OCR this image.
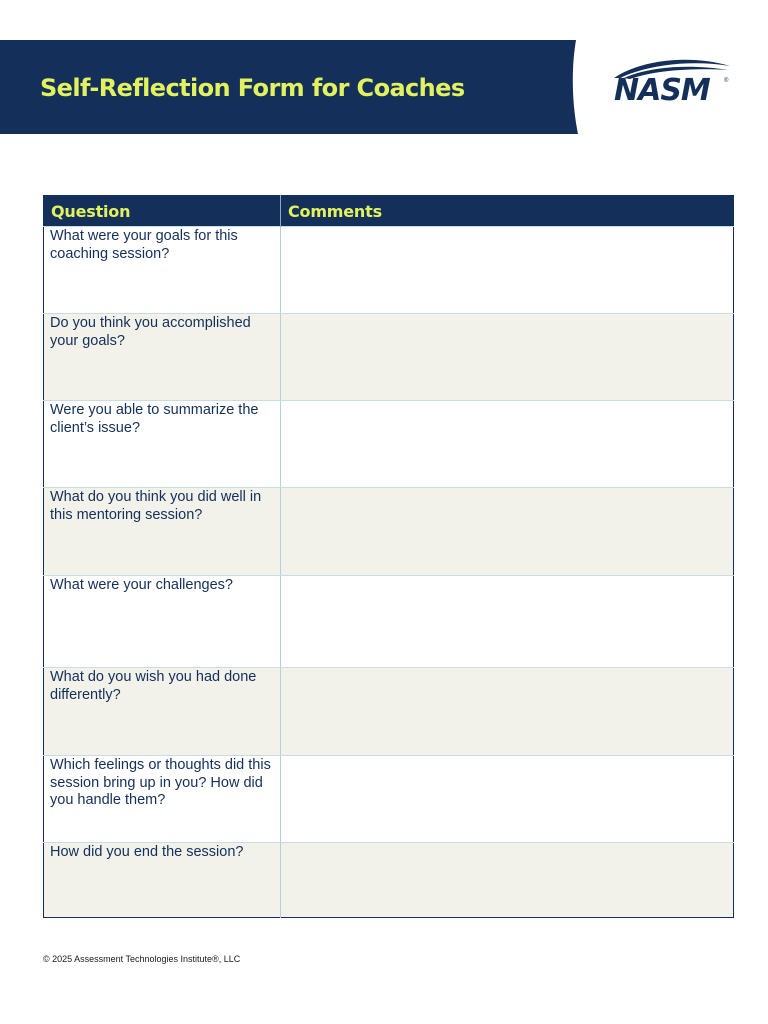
Self-Reflection Form for Coaches	NASM ®
Question	Comments

What were your goals for this coaching session?	

Do you think you accomplished your goals?	

Were you able to summarize the client’s issue?	

What do you think you did well in this mentoring session?	

What were your challenges?	

What do you wish you had done differently?	

Which feelings or thoughts did this session bring up in you? How did you handle them?	

How did you end the session?	

© 2025 Assessment Technologies Institute®, LLC
